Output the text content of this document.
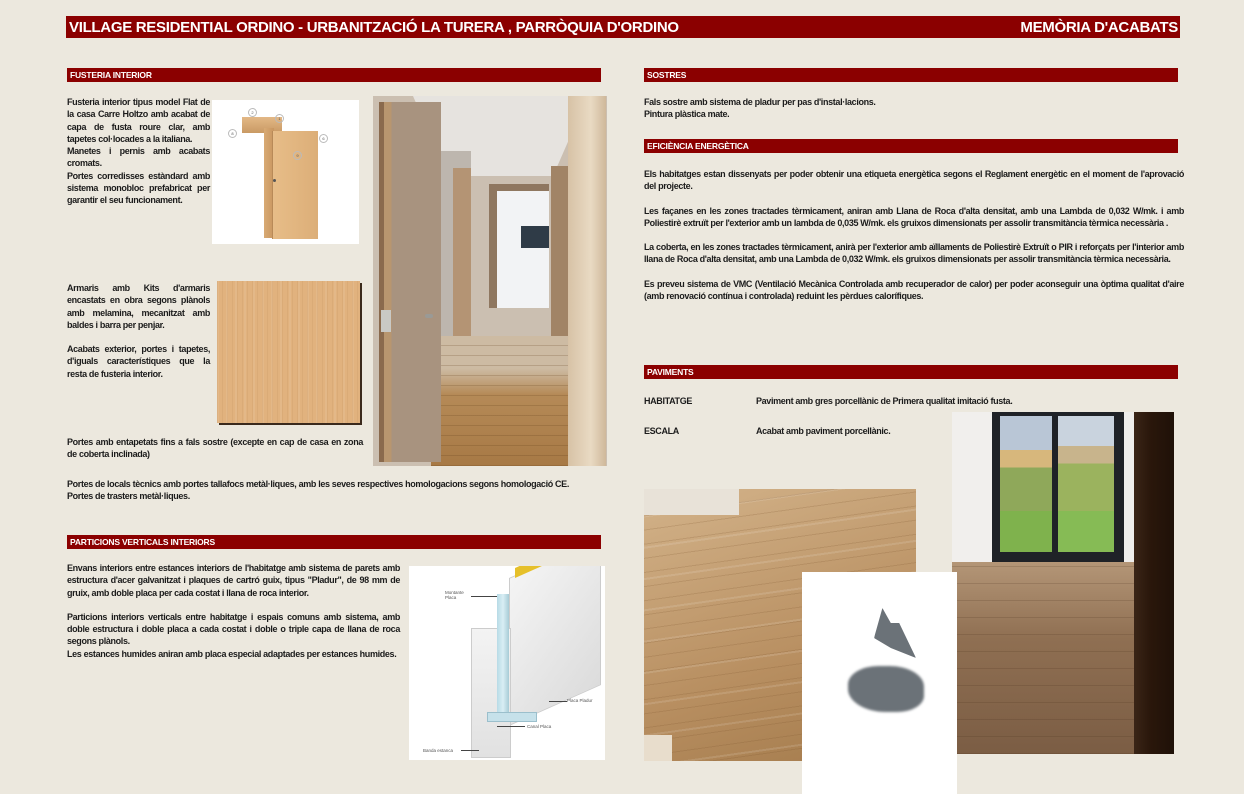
VILLAGE RESIDENTIAL ORDINO - URBANITZACIÓ LA TURERA , PARRÒQUIA D'ORDINO	MEMÒRIA D'ACABATS
FUSTERIA INTERIOR
Fusteria interior tipus model Flat de la casa Carre Holtzo amb acabat de capa de fusta roure clar, amb tapetes col·locades a la italiana.
Manetes i pernis amb acabats cromats.
Portes corredisses estàndard amb sistema monobloc prefabricat per garantir el seu funcionament.
2
1
8
6
9
Armaris amb Kits d'armaris encastats en obra segons plànols amb melamina, mecanitzat amb baldes i barra per penjar.
Acabats exterior, portes i tapetes, d'iguals característiques que la resta de fusteria interior.
Portes amb entapetats fins a fals sostre (excepte en cap de casa en zona de coberta inclinada)
Portes de locals tècnics amb portes tallafocs metàl·liques, amb les seves respectives homologacions segons homologació CE.
Portes de trasters metàl·liques.
PARTICIONS VERTICALS INTERIORS
Envans interiors entre estances interiors de l'habitatge amb sistema de parets amb estructura d'acer galvanitzat i plaques de cartró guix, tipus "Pladur", de 98 mm de gruix, amb doble placa per cada costat i llana de roca interior.
Particions interiors verticals entre habitatge i espais comuns amb sistema, amb doble estructura i doble placa a cada costat i doble o triple capa de llana de roca segons plànols.
Les estances humides aniran amb placa especial adaptades per estances humides.
Montante Placa
Placa Pladur
Canal Placa
Banda estanca
SOSTRES
Fals sostre amb sistema de pladur per pas d'instal·lacions.
Pintura plàstica mate.
EFICIÈNCIA ENERGÈTICA
Els habitatges estan dissenyats per poder obtenir una etiqueta energètica segons el Reglament energètic en el moment de l'aprovació del projecte.
Les façanes en les zones tractades tèrmicament, aniran amb Llana de Roca d'alta densitat, amb una Lambda de 0,032 W/mk. i amb Poliestirè extruït per l'exterior amb un lambda de 0,035 W/mk. els gruixos dimensionats per assolir transmitància tèrmica necessària .
La coberta, en les zones tractades tèrmicament, anirà per l'exterior amb aïllaments de Poliestirè Extruït o PIR i reforçats per l'interior amb llana de Roca d'alta densitat, amb una Lambda de 0,032 W/mk. els gruixos dimensionats per assolir transmitància tèrmica necessària.
Es preveu sistema de VMC (Ventilació Mecànica Controlada amb recuperador de calor) per poder aconseguir una òptima qualitat d'aire (amb renovació contínua i controlada) reduint les pèrdues calorífiques.
PAVIMENTS
HABITATGE	Paviment amb gres porcellànic de Primera qualitat imitació fusta.
ESCALA	Acabat amb paviment porcellànic.
